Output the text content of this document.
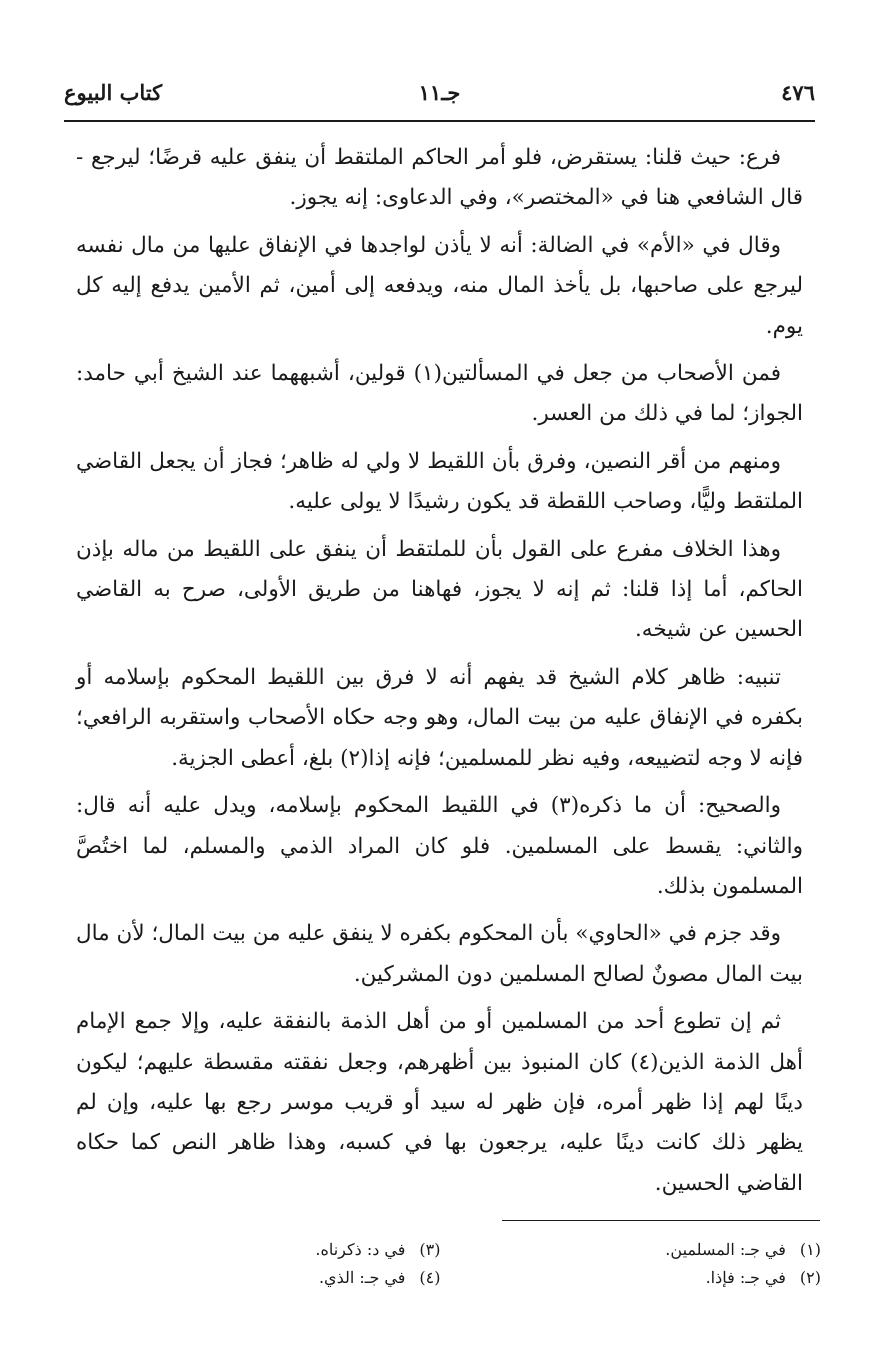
٤٧٦
جـ١١
كتاب البيوع

فرع: حيث قلنا: يستقرض، فلو أمر الحاكم الملتقط أن ينفق عليه قرضًا؛ ليرجع - قال الشافعي هنا في «المختصر»، وفي الدعاوى: إنه يجوز.

وقال في «الأم» في الضالة: أنه لا يأذن لواجدها في الإنفاق عليها من مال نفسه ليرجع على صاحبها، بل يأخذ المال منه، ويدفعه إلى أمين، ثم الأمين يدفع إليه كل يوم.

فمن الأصحاب من جعل في المسألتين(١) قولين، أشبههما عند الشيخ أبي حامد: الجواز؛ لما في ذلك من العسر.

ومنهم من أقر النصين، وفرق بأن اللقيط لا ولي له ظاهر؛ فجاز أن يجعل القاضي الملتقط وليًّا، وصاحب اللقطة قد يكون رشيدًا لا يولى عليه.

وهذا الخلاف مفرع على القول بأن للملتقط أن ينفق على اللقيط من ماله بإذن الحاكم، أما إذا قلنا: ثم إنه لا يجوز، فهاهنا من طريق الأولى، صرح به القاضي الحسين عن شيخه.

تنبيه: ظاهر كلام الشيخ قد يفهم أنه لا فرق بين اللقيط المحكوم بإسلامه أو بكفره في الإنفاق عليه من بيت المال، وهو وجه حكاه الأصحاب واستقربه الرافعي؛ فإنه لا وجه لتضييعه، وفيه نظر للمسلمين؛ فإنه إذا(٢) بلغ، أعطى الجزية.

والصحيح: أن ما ذكره(٣) في اللقيط المحكوم بإسلامه، ويدل عليه أنه قال: والثاني: يقسط على المسلمين. فلو كان المراد الذمي والمسلم، لما اختُصَّ المسلمون بذلك.

وقد جزم في «الحاوي» بأن المحكوم بكفره لا ينفق عليه من بيت المال؛ لأن مال بيت المال مصونٌ لصالح المسلمين دون المشركين.

ثم إن تطوع أحد من المسلمين أو من أهل الذمة بالنفقة عليه، وإلا جمع الإمام أهل الذمة الذين(٤) كان المنبوذ بين أظهرهم، وجعل نفقته مقسطة عليهم؛ ليكون دينًا لهم إذا ظهر أمره، فإن ظهر له سيد أو قريب موسر رجع بها عليه، وإن لم يظهر ذلك كانت دينًا عليه، يرجعون بها في كسبه، وهذا ظاهر النص كما حكاه القاضي الحسين.

(١)
في جـ: المسلمين.
(٢)
في جـ: فإذا.
(٣)
في د: ذكرناه.
(٤)
في جـ: الذي.
